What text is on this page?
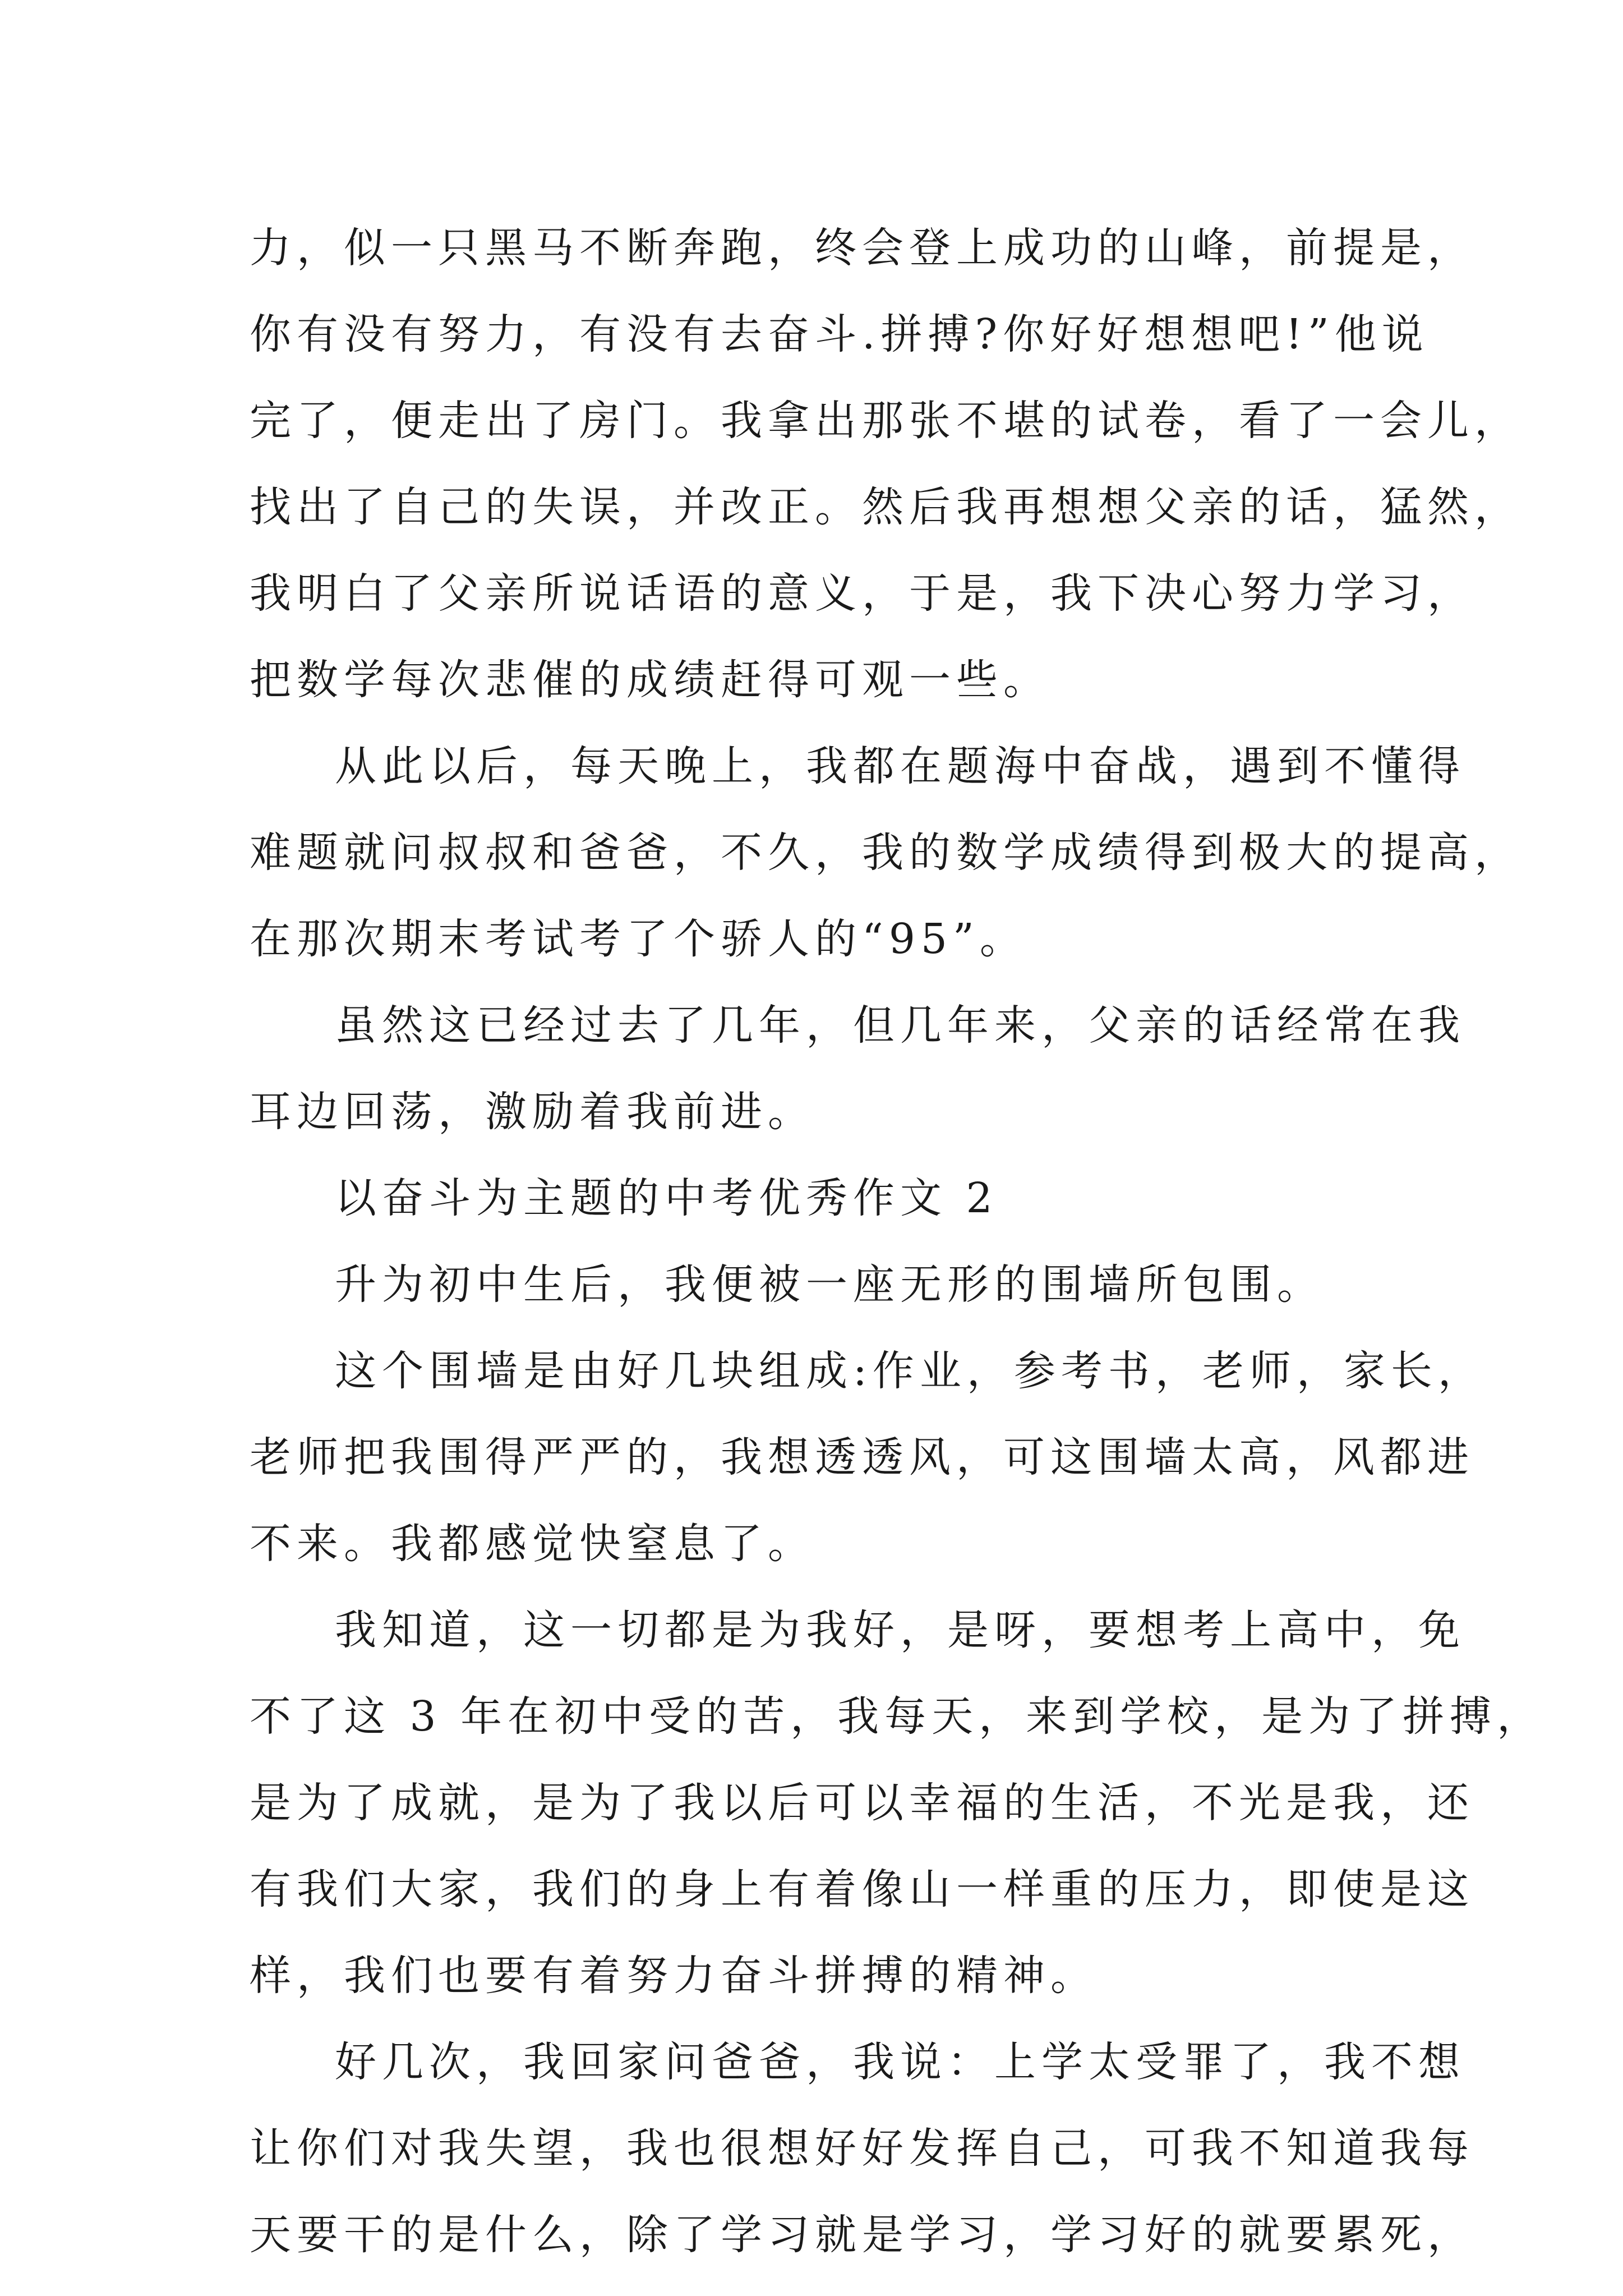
力，似一只黑马不断奔跑，终会登上成功的山峰，前提是，
你有没有努力，有没有去奋斗.拼搏?你好好想想吧!”他说
完了，便走出了房门。我拿出那张不堪的试卷，看了一会儿，
找出了自己的失误，并改正。然后我再想想父亲的话，猛然，
我明白了父亲所说话语的意义，于是，我下决心努力学习，
把数学每次悲催的成绩赶得可观一些。
从此以后，每天晚上，我都在题海中奋战，遇到不懂得
难题就问叔叔和爸爸，不久，我的数学成绩得到极大的提高，
在那次期末考试考了个骄人的“95”。
虽然这已经过去了几年，但几年来，父亲的话经常在我
耳边回荡，激励着我前进。
以奋斗为主题的中考优秀作文 2
升为初中生后，我便被一座无形的围墙所包围。
这个围墙是由好几块组成:作业，参考书，老师，家长，
老师把我围得严严的，我想透透风，可这围墙太高，风都进
不来。我都感觉快窒息了。
我知道，这一切都是为我好，是呀，要想考上高中，免
不了这 3 年在初中受的苦，我每天，来到学校，是为了拼搏，
是为了成就，是为了我以后可以幸福的生活，不光是我，还
有我们大家，我们的身上有着像山一样重的压力，即使是这
样，我们也要有着努力奋斗拼搏的精神。
好几次，我回家问爸爸，我说：上学太受罪了，我不想
让你们对我失望，我也很想好好发挥自己，可我不知道我每
天要干的是什么，除了学习就是学习，学习好的就要累死，
